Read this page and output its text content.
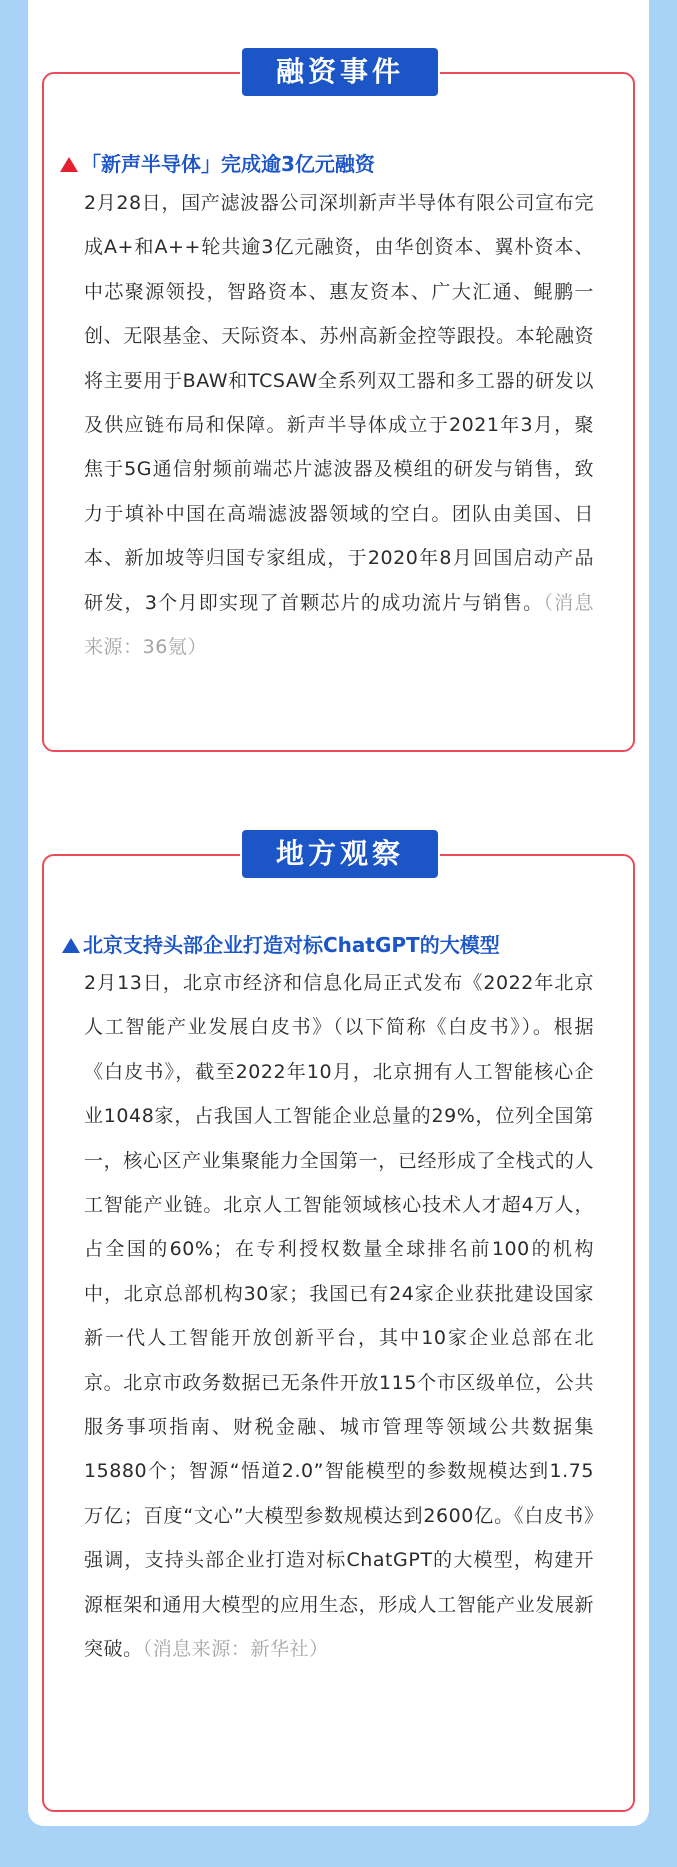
融资事件
「新声半导体」完成逾3亿元融资
2月28日，国产滤波器公司深圳新声半导体有限公司宣布完成A+和A++轮共逾3亿元融资，由华创资本、翼朴资本、中芯聚源领投，智路资本、惠友资本、广大汇通、鲲鹏一创、无限基金、天际资本、苏州高新金控等跟投。本轮融资将主要用于BAW和TCSAW全系列双工器和多工器的研发以及供应链布局和保障。新声半导体成立于2021年3月，聚焦于5G通信射频前端芯片滤波器及模组的研发与销售，致力于填补中国在高端滤波器领域的空白。团队由美国、日本、新加坡等归国专家组成，于2020年8月回国启动产品研发，3个月即实现了首颗芯片的成功流片与销售。（消息来源：36氪）
地方观察
北京支持头部企业打造对标ChatGPT的大模型
2月13日，北京市经济和信息化局正式发布《2022年北京人工智能产业发展白皮书》（以下简称《白皮书》）。根据《白皮书》，截至2022年10月，北京拥有人工智能核心企业1048家，占我国人工智能企业总量的29%，位列全国第一，核心区产业集聚能力全国第一，已经形成了全栈式的人工智能产业链。北京人工智能领域核心技术人才超4万人，占全国的60%；在专利授权数量全球排名前100的机构中，北京总部机构30家；我国已有24家企业获批建设国家新一代人工智能开放创新平台，其中10家企业总部在北京。北京市政务数据已无条件开放115个市区级单位，公共服务事项指南、财税金融、城市管理等领域公共数据集15880个；智源“悟道2.0”智能模型的参数规模达到1.75万亿；百度“文心”大模型参数规模达到2600亿。《白皮书》强调，支持头部企业打造对标ChatGPT的大模型，构建开源框架和通用大模型的应用生态，形成人工智能产业发展新突破。（消息来源：新华社）
